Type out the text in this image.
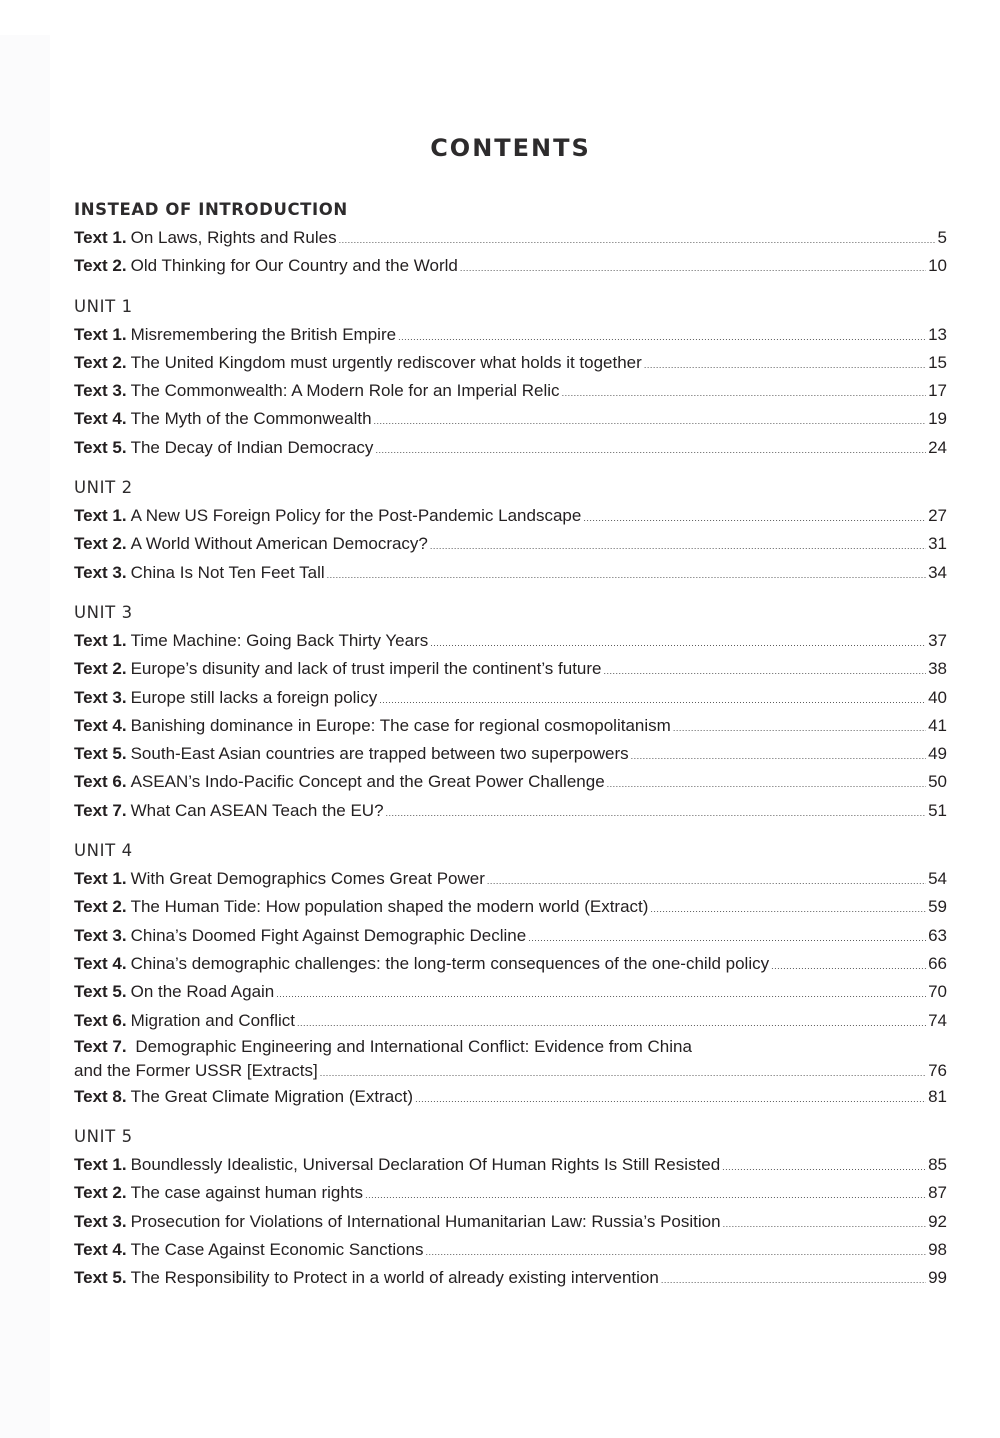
CONTENTS
INSTEAD OF INTRODUCTION
Text 1. On Laws, Rights and Rules .....	5
Text 2. Old Thinking for Our Country and the World .....	10
UNIT 1
Text 1. Misremembering the British Empire .....	13
Text 2. The United Kingdom must urgently rediscover what holds it together .....	15
Text 3. The Commonwealth: A Modern Role for an Imperial Relic .....	17
Text 4. The Myth of the Commonwealth .....	19
Text 5. The Decay of Indian Democracy .....	24
UNIT 2
Text 1. A New US Foreign Policy for the Post-Pandemic Landscape .....	27
Text 2. A World Without American Democracy? .....	31
Text 3. China Is Not Ten Feet Tall .....	34
UNIT 3
Text 1. Time Machine: Going Back Thirty Years .....	37
Text 2. Europe’s disunity and lack of trust imperil the continent’s future .....	38
Text 3. Europe still lacks a foreign policy .....	40
Text 4. Banishing dominance in Europe: The case for regional cosmopolitanism .....	41
Text 5. South-East Asian countries are trapped between two superpowers .....	49
Text 6. ASEAN’s Indo-Pacific Concept and the Great Power Challenge .....	50
Text 7. What Can ASEAN Teach the EU? .....	51
UNIT 4
Text 1. With Great Demographics Comes Great Power .....	54
Text 2. The Human Tide: How population shaped the modern world (Extract) .....	59
Text 3. China’s Doomed Fight Against Demographic Decline .....	63
Text 4. China’s demographic challenges: the long-term consequences of the one-child policy .....	66
Text 5. On the Road Again .....	70
Text 6. Migration and Conflict .....	74
Text 7. Demographic Engineering and International Conflict: Evidence from China
and the Former USSR [Extracts] .....	76
Text 8. The Great Climate Migration (Extract) .....	81
UNIT 5
Text 1. Boundlessly Idealistic, Universal Declaration Of Human Rights Is Still Resisted .....	85
Text 2. The case against human rights .....	87
Text 3. Prosecution for Violations of International Humanitarian Law: Russia’s Position .....	92
Text 4. The Case Against Economic Sanctions .....	98
Text 5. The Responsibility to Protect in a world of already existing intervention .....	99
